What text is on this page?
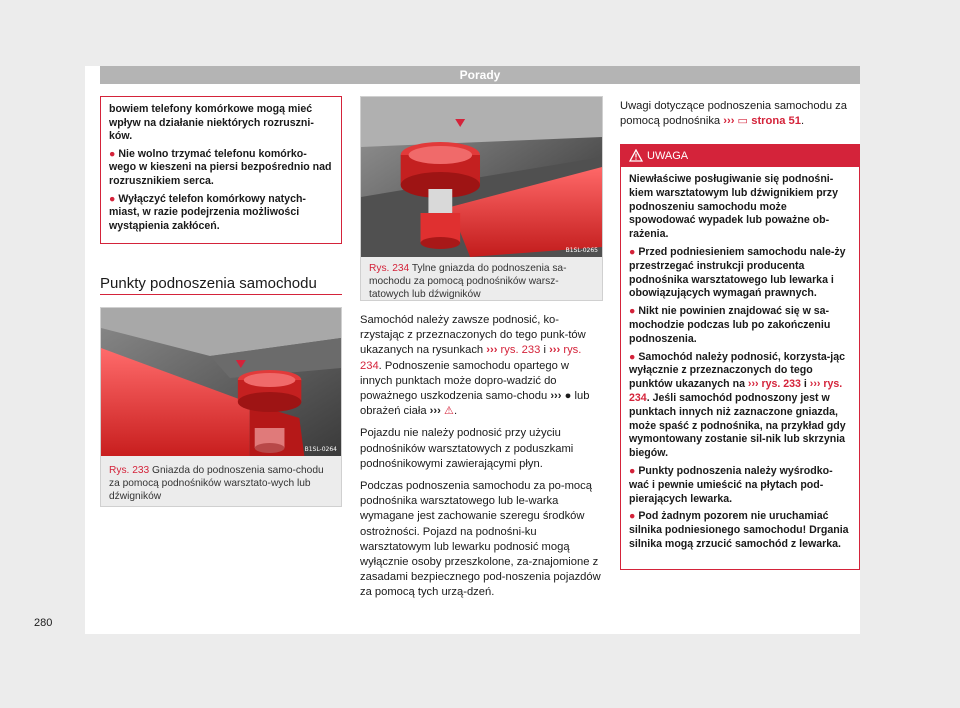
Porady

bowiem telefony komórkowe mogą mieć wpływ na działanie niektórych rozruszni-ków.

● Nie wolno trzymać telefonu komórko-wego w kieszeni na piersi bezpośrednio nad rozrusznikiem serca.

● Wyłączyć telefon komórkowy natych-miast, w razie podejrzenia możliwości wystąpienia zakłóceń.

Punkty podnoszenia samochodu
B1SL-0264
Rys. 233 Gniazda do podnoszenia samo-chodu za pomocą podnośników warsztato-wych lub dźwigników
B1SL-0265
Rys. 234 Tylne gniazda do podnoszenia sa-mochodu za pomocą podnośników warsz-tatowych lub dźwigników

Samochód należy zawsze podnosić, ko-rzystając z przeznaczonych do tego punk-tów ukazanych na rysunkach ››› rys. 233 i ››› rys. 234. Podnoszenie samochodu opartego w innych punktach może dopro-wadzić do poważnego uszkodzenia samo-chodu ››› ● lub obrażeń ciała ››› ⚠.

Pojazdu nie należy podnosić przy użyciu podnośników warsztatowych z poduszkami podnośnikowymi zawierającymi płyn.

Podczas podnoszenia samochodu za po-mocą podnośnika warsztatowego lub le-warka wymagane jest zachowanie szeregu środków ostrożności. Pojazd na podnośni-ku warsztatowym lub lewarku podnosić mogą wyłącznie osoby przeszkolone, za-znajomione z zasadami bezpiecznego pod-noszenia pojazdów za pomocą tych urzą-dzeń.

Uwagi dotyczące podnoszenia samochodu za pomocą podnośnika ››› ▭ strona 51.
UWAGA

Niewłaściwe posługiwanie się podnośni-kiem warsztatowym lub dźwignikiem przy podnoszeniu samochodu może spowodować wypadek lub poważne ob-rażenia.

● Przed podniesieniem samochodu nale-ży przestrzegać instrukcji producenta podnośnika warsztatowego lub lewarka i obowiązujących wymagań prawnych.

● Nikt nie powinien znajdować się w sa-mochodzie podczas lub po zakończeniu podnoszenia.

● Samochód należy podnosić, korzysta-jąc wyłącznie z przeznaczonych do tego punktów ukazanych na ››› rys. 233 i ››› rys. 234. Jeśli samochód podnoszony jest w punktach innych niż zaznaczone gniazda, może spaść z podnośnika, na przykład gdy wymontowany zostanie sil-nik lub skrzynia biegów.

● Punkty podnoszenia należy wyśrodko-wać i pewnie umieścić na płytach pod-pierających lewarka.

● Pod żadnym pozorem nie uruchamiać silnika podniesionego samochodu! Drgania silnika mogą zrzucić samochód z lewarka.

280
